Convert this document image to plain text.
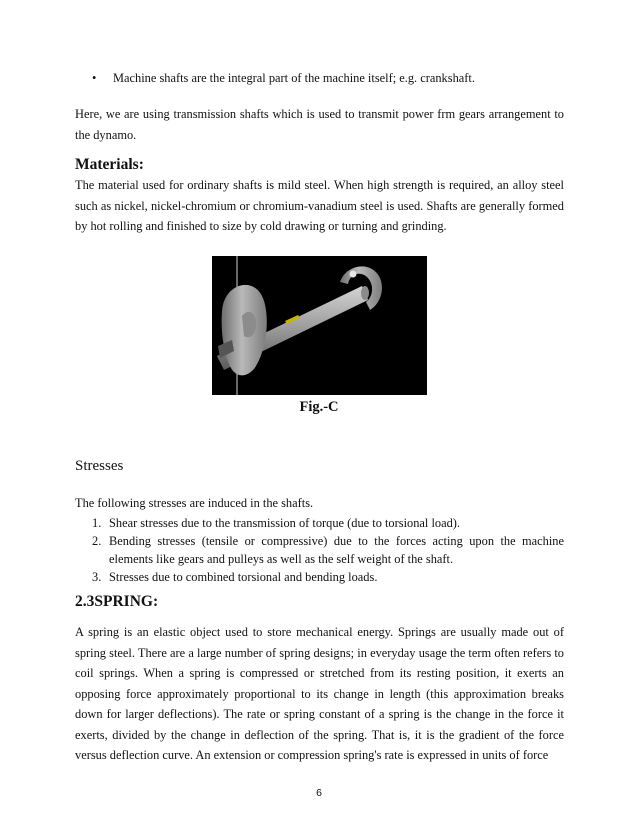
• Machine shafts are the integral part of the machine itself; e.g. crankshaft.

Here, we are using transmission shafts which is used to transmit power frm gears arrangement to the dynamo.

Materials:

The material used for ordinary shafts is mild steel. When high strength is required, an alloy steel such as nickel, nickel-chromium or chromium-vanadium steel is used. Shafts are generally formed by hot rolling and finished to size by cold drawing or turning and grinding.

Fig.-C
Stresses

The following stresses are induced in the shafts.

1. Shear stresses due to the transmission of torque (due to torsional load).
2. Bending stresses (tensile or compressive) due to the forces acting upon the machine elements like gears and pulleys as well as the self weight of the shaft.
3. Stresses due to combined torsional and bending loads.
2.3SPRING:

A spring is an elastic object used to store mechanical energy. Springs are usually made out of spring steel. There are a large number of spring designs; in everyday usage the term often refers to coil springs. When a spring is compressed or stretched from its resting position, it exerts an opposing force approximately proportional to its change in length (this approximation breaks down for larger deflections). The rate or spring constant of a spring is the change in the force it exerts, divided by the change in deflection of the spring. That is, it is the gradient of the force versus deflection curve. An extension or compression spring's rate is expressed in units of force

6
